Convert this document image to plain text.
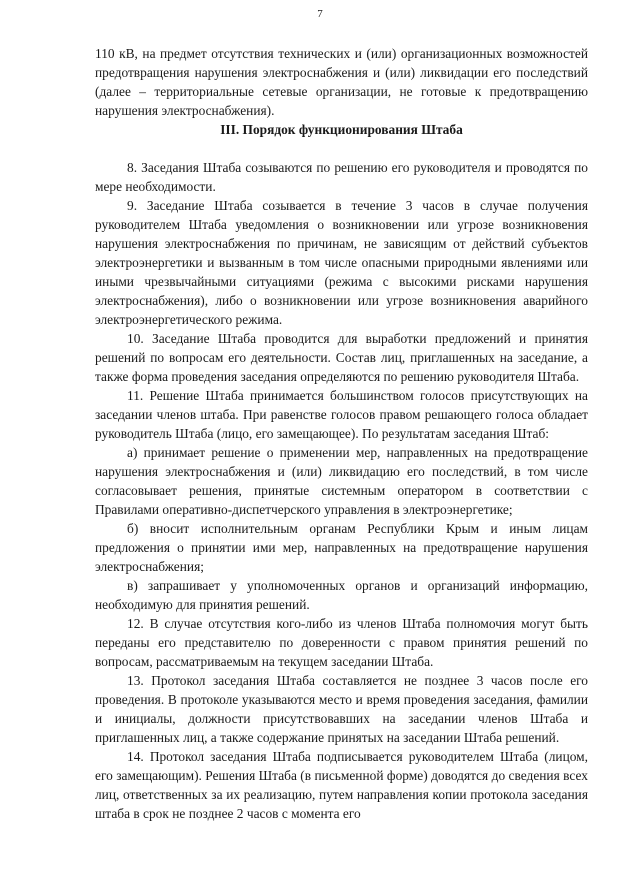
7

110 кВ, на предмет отсутствия технических и (или) организационных возможностей предотвращения нарушения электроснабжения и (или) ликвидации его последствий (далее – территориальные сетевые организации, не готовые к предотвращению нарушения электроснабжения).

III. Порядок функционирования Штаба

8. Заседания Штаба созываются по решению его руководителя и проводятся по мере необходимости.

9. Заседание Штаба созывается в течение 3 часов в случае получения руководителем Штаба уведомления о возникновении или угрозе возникновения нарушения электроснабжения по причинам, не зависящим от действий субъектов электроэнергетики и вызванным в том числе опасными природными явлениями или иными чрезвычайными ситуациями (режима с высокими рисками нарушения электроснабжения), либо о возникновении или угрозе возникновения аварийного электроэнергетического режима.

10. Заседание Штаба проводится для выработки предложений и принятия решений по вопросам его деятельности. Состав лиц, приглашенных на заседание, а также форма проведения заседания определяются по решению руководителя Штаба.

11. Решение Штаба принимается большинством голосов присутствующих на заседании членов штаба. При равенстве голосов правом решающего голоса обладает руководитель Штаба (лицо, его замещающее). По результатам заседания Штаб:

а) принимает решение о применении мер, направленных на предотвращение нарушения электроснабжения и (или) ликвидацию его последствий, в том числе согласовывает решения, принятые системным оператором в соответствии с Правилами оперативно-диспетчерского управления в электроэнергетике;

б) вносит исполнительным органам Республики Крым и иным лицам предложения о принятии ими мер, направленных на предотвращение нарушения электроснабжения;

в) запрашивает у уполномоченных органов и организаций информацию, необходимую для принятия решений.

12. В случае отсутствия кого-либо из членов Штаба полномочия могут быть переданы его представителю по доверенности с правом принятия решений по вопросам, рассматриваемым на текущем заседании Штаба.

13. Протокол заседания Штаба составляется не позднее 3 часов после его проведения. В протоколе указываются место и время проведения заседания, фамилии и инициалы, должности присутствовавших на заседании членов Штаба и приглашенных лиц, а также содержание принятых на заседании Штаба решений.

14. Протокол заседания Штаба подписывается руководителем Штаба (лицом, его замещающим). Решения Штаба (в письменной форме) доводятся до сведения всех лиц, ответственных за их реализацию, путем направления копии протокола заседания штаба в срок не позднее 2 часов с момента его
